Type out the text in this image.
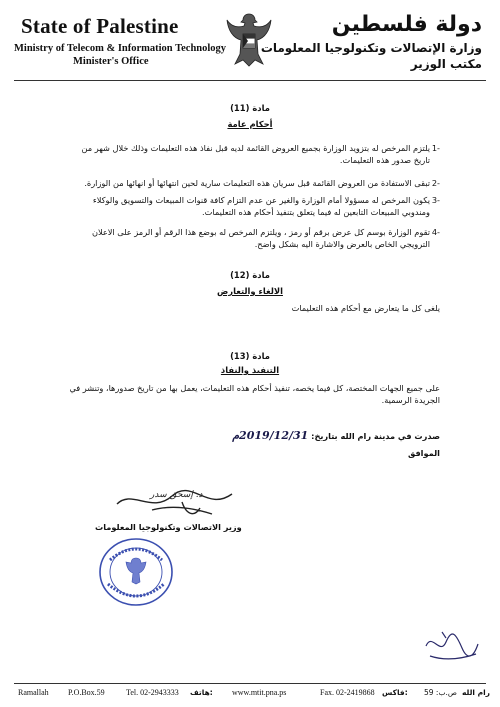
State of Palestine
Ministry of Telecom & Information Technology
Minister's Office
دولة فلسطين
وزارة الإتصالات وتكنولوجيا المعلومات
مكتب الوزير
مادة (11)
أحكام عامة
-1
يلتزم المرخص له بتزويد الوزارة بجميع العروض القائمة لديه قبل نفاذ هذه التعليمات وذلك خلال شهر من تاريخ صدور هذه التعليمات.
-2
تبقى الاستفادة من العروض القائمة قبل سريان هذه التعليمات سارية لحين انتهائها أو انهائها من الوزارة.
-3
يكون المرخص له مسؤولا أمام الوزارة والغير عن عدم التزام كافة قنوات المبيعات والتسويق والوكلاء ومندوبي المبيعات التابعين له فيما يتعلق بتنفيذ أحكام هذه التعليمات.
-4
تقوم الوزارة بوسم كل عرض برقم أو رمز ، ويلتزم المرخص له بوضع هذا الرقم أو الرمز على الاعلان الترويجي الخاص بالعرض والاشارة اليه بشكل واضح.
مادة (12)
الالغاء والتعارض
يلغى كل ما يتعارض مع أحكام هذه التعليمات
مادة (13)
التنفيذ والنفاذ
على جميع الجهات المختصة، كل فيما يخصه، تنفيذ أحكام هذه التعليمات، يعمل بها من تاريخ صدورها، وتنشر في الجريدة الرسمية.
صدرت في مدينة رام الله بتاريخ: 2019/12/31م
الموافق
د. إسحق سدر
وزير الاتصالات وتكنولوجيا المعلومات
Ramallah P.O.Box.59	Tel. 02-2943333 هاتف: www.mtit.pna.ps	Fax. 02-2419868 فاكس: ص.ب: 59 رام الله
